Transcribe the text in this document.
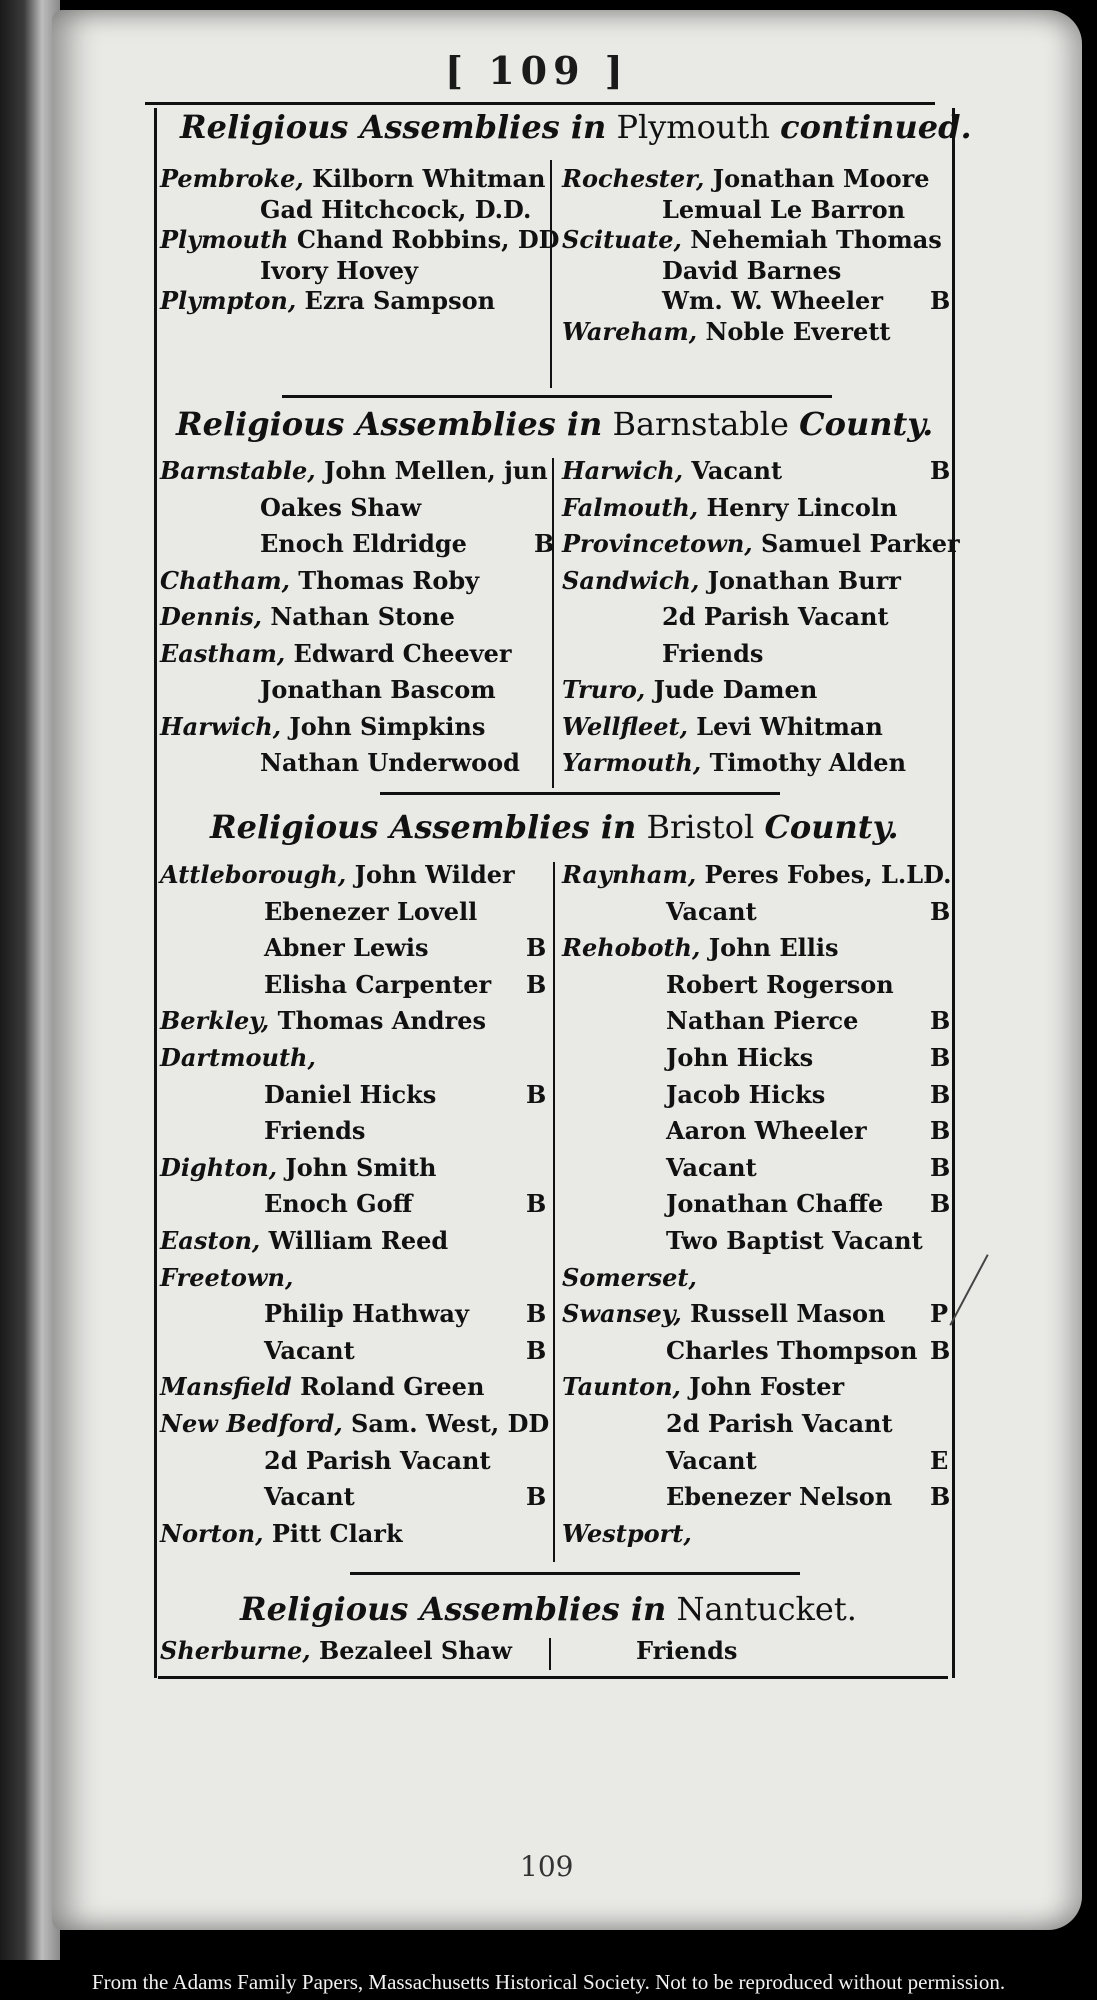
[ 109 ]
Religious Assemblies in Plymouth continued.
Religious Assemblies in Barnstable County.
Religious Assemblies in Bristol County.
Religious Assemblies in Nantucket.
Pembroke, Kilborn Whitman
Gad Hitchcock, D.D.
Plymouth Chand Robbins, DD
Ivory Hovey
Plympton, Ezra Sampson
Rochester, Jonathan Moore
Lemual Le Barron
Scituate, Nehemiah Thomas
David Barnes
Wm. W. Wheeler B
Wareham, Noble Everett
Barnstable, John Mellen, jun
Oakes Shaw
Enoch Eldridge	B
Chatham, Thomas Roby
Dennis, Nathan Stone
Eastham, Edward Cheever
Jonathan Bascom
Harwich, John Simpkins
Nathan Underwood
Harwich, Vacant	B
Falmouth, Henry Lincoln
Provincetown, Samuel Parker
Sandwich, Jonathan Burr
2d Parish Vacant
Friends
Truro, Jude Damen
Wellfleet, Levi Whitman
Yarmouth, Timothy Alden
Attleborough, John Wilder
Ebenezer Lovell
Abner Lewis	B
Elisha Carpenter B
Berkley, Thomas Andres
Dartmouth,
Daniel Hicks	B
Friends
Dighton, John Smith
Enoch Goff	B
Easton, William Reed
Freetown,
Philip Hathway B
Vacant	B
Mansfield Roland Green
New Bedford, Sam. West, DD
2d Parish Vacant
Vacant	B
Norton, Pitt Clark
Raynham, Peres Fobes, L.LD.
Vacant	B
Rehoboth, John Ellis
Robert Rogerson
Nathan Pierce	B
John Hicks	B
Jacob Hicks	B
Aaron Wheeler	B
Vacant	B
Jonathan Chaffe B
Two Baptist Vacant
Somerset,
Swansey, Russell Mason P
Charles Thompson B
Taunton, John Foster
2d Parish Vacant
Vacant	E
Ebenezer Nelson B
Westport,
Sherburne, Bezaleel Shaw	Friends
109
From the Adams Family Papers, Massachusetts Historical Society. Not to be reproduced without permission.
